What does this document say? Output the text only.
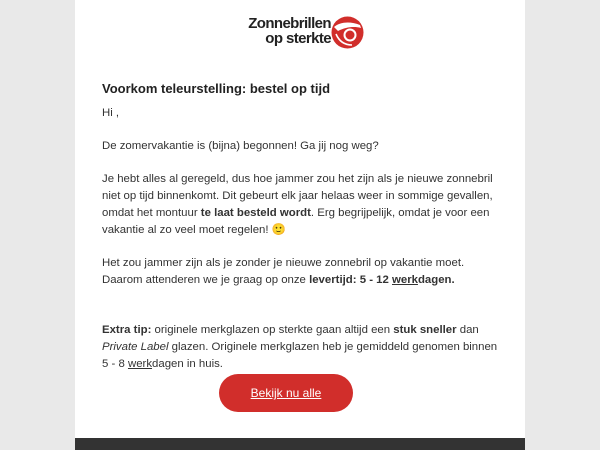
Zonnebrillen
op sterkte
Voorkom teleurstelling: bestel op tijd

Hi ,

De zomervakantie is (bijna) begonnen! Ga jij nog weg?

Je hebt alles al geregeld, dus hoe jammer zou het zijn als je nieuwe zonnebril niet op tijd binnenkomt. Dit gebeurt elk jaar helaas weer in sommige gevallen, omdat het montuur te laat besteld wordt. Erg begrijpelijk, omdat je voor een vakantie al zo veel moet regelen! 🙂

Het zou jammer zijn als je zonder je nieuwe zonnebril op vakantie moet. Daarom attenderen we je graag op onze levertijd: 5 - 12 werkdagen.

Extra tip: originele merkglazen op sterkte gaan altijd een stuk sneller dan Private Label glazen. Originele merkglazen heb je gemiddeld genomen binnen 5 - 8 werkdagen in huis.

Bekijk nu alle zonnebrillen
